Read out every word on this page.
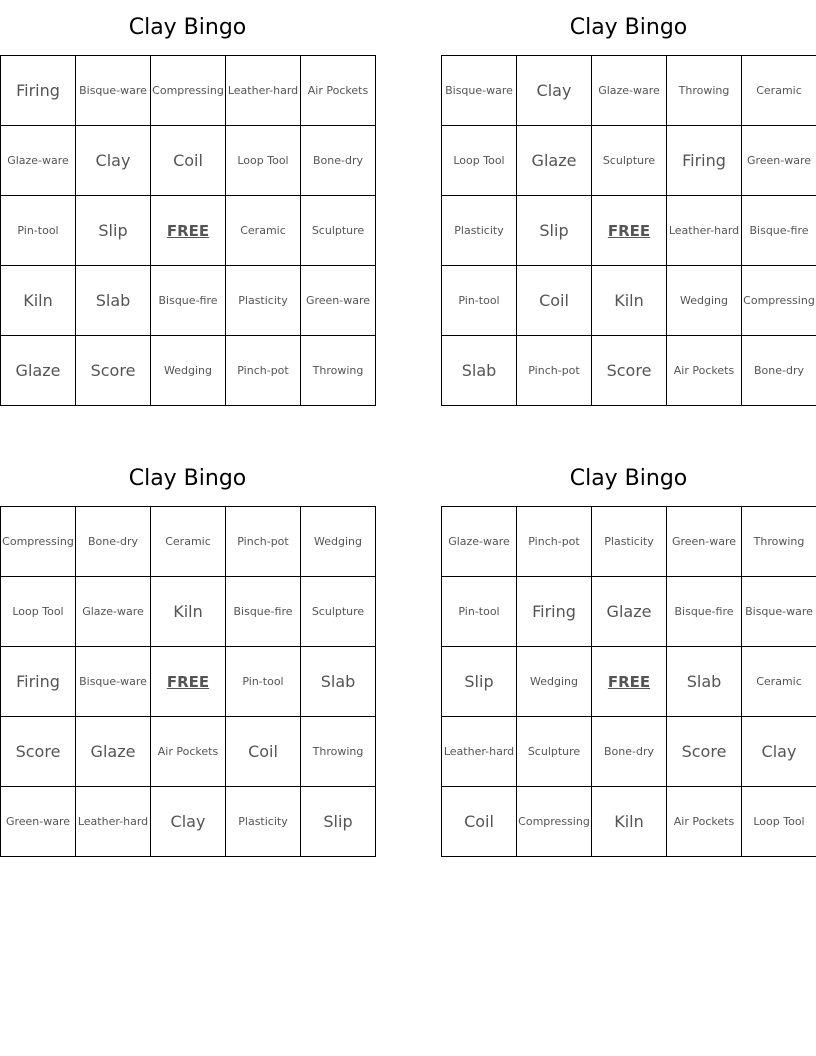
Clay Bingo
Firing	Bisque-ware	Compressing	Leather-hard	Air Pockets
Glaze-ware	Clay	Coil	Loop Tool	Bone-dry
Pin-tool	Slip	FREE	Ceramic	Sculpture
Kiln	Slab	Bisque-fire	Plasticity	Green-ware
Glaze	Score	Wedging	Pinch-pot	Throwing
Clay Bingo
Bisque-ware	Clay	Glaze-ware	Throwing	Ceramic
Loop Tool	Glaze	Sculpture	Firing	Green-ware
Plasticity	Slip	FREE	Leather-hard	Bisque-fire
Pin-tool	Coil	Kiln	Wedging	Compressing
Slab	Pinch-pot	Score	Air Pockets	Bone-dry
Clay Bingo
Compressing	Bone-dry	Ceramic	Pinch-pot	Wedging
Loop Tool	Glaze-ware	Kiln	Bisque-fire	Sculpture
Firing	Bisque-ware	FREE	Pin-tool	Slab
Score	Glaze	Air Pockets	Coil	Throwing
Green-ware	Leather-hard	Clay	Plasticity	Slip
Clay Bingo
Glaze-ware	Pinch-pot	Plasticity	Green-ware	Throwing
Pin-tool	Firing	Glaze	Bisque-fire	Bisque-ware
Slip	Wedging	FREE	Slab	Ceramic
Leather-hard	Sculpture	Bone-dry	Score	Clay
Coil	Compressing	Kiln	Air Pockets	Loop Tool
